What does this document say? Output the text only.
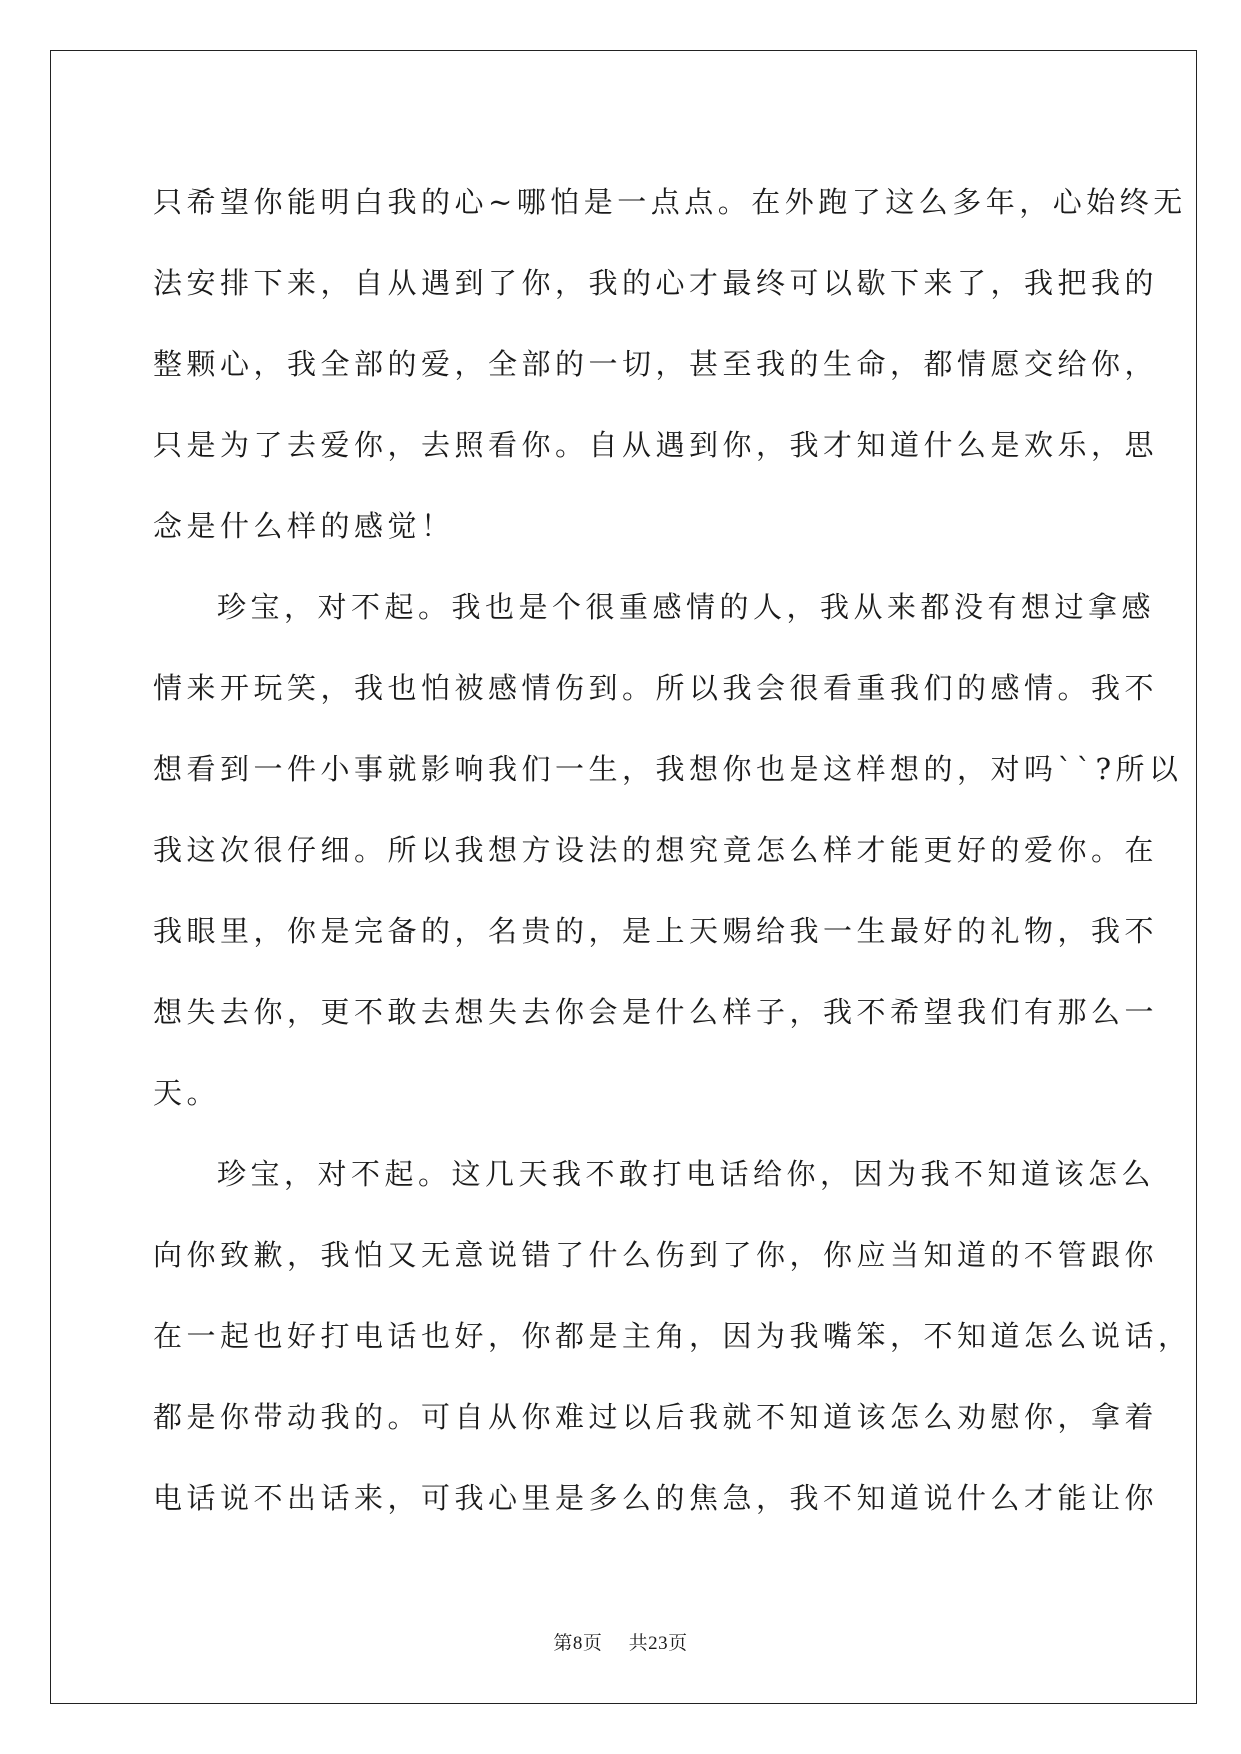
只希望你能明白我的心~哪怕是一点点。在外跑了这么多年，心始终无

法安排下来，自从遇到了你，我的心才最终可以歇下来了，我把我的

整颗心，我全部的爱，全部的一切，甚至我的生命，都情愿交给你，

只是为了去爱你，去照看你。自从遇到你，我才知道什么是欢乐，思

念是什么样的感觉！

珍宝，对不起。我也是个很重感情的人，我从来都没有想过拿感

情来开玩笑，我也怕被感情伤到。所以我会很看重我们的感情。我不

想看到一件小事就影响我们一生，我想你也是这样想的，对吗``?所以

我这次很仔细。所以我想方设法的想究竟怎么样才能更好的爱你。在

我眼里，你是完备的，名贵的，是上天赐给我一生最好的礼物，我不

想失去你，更不敢去想失去你会是什么样子，我不希望我们有那么一

天。

珍宝，对不起。这几天我不敢打电话给你，因为我不知道该怎么

向你致歉，我怕又无意说错了什么伤到了你，你应当知道的不管跟你

在一起也好打电话也好，你都是主角，因为我嘴笨，不知道怎么说话，

都是你带动我的。可自从你难过以后我就不知道该怎么劝慰你，拿着

电话说不出话来，可我心里是多么的焦急，我不知道说什么才能让你

第8页 共23页
